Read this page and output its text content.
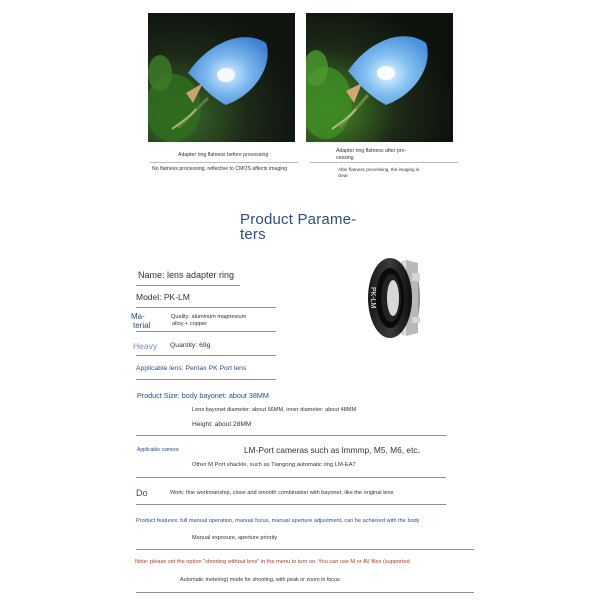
Adapter ring flatness before processing
No flatness processing, reflective to CMOS affects imaging
Adapter ring flatness after pro-
cessing
After flatness processing, the imaging is
clear
Product Parame-
ters
PK-LM
Name: lens adapter ring
Model: PK-LM
Ma-
terial
Quality: aluminum magnesium
alloy + copper
Heavy Quantity: 69g
Applicable lens: Pentax PK Port lens
Product Size: body bayonet: about 38MM
Lens bayonet diameter: about 56MM, inner diameter: about 48MM
Height: about 28MM
Applicable camera:	LM-Port cameras such as lmmmp, M5, M6, etc.
Other M Port shackle, such as Tiangong automatic ring LM-EA7
Do	Work: fine workmanship, close and smooth combination with bayonet, like the original lens
Product features: full manual operation, manual focus, manual aperture adjustment, can be achieved with the body
Manual exposure, aperture priority
Note: please set the option "shooting without lens" in the menu to turn on. You can use M or AV files (supported
Automatic metering) mode for shooting, with peak or zoom in focus
